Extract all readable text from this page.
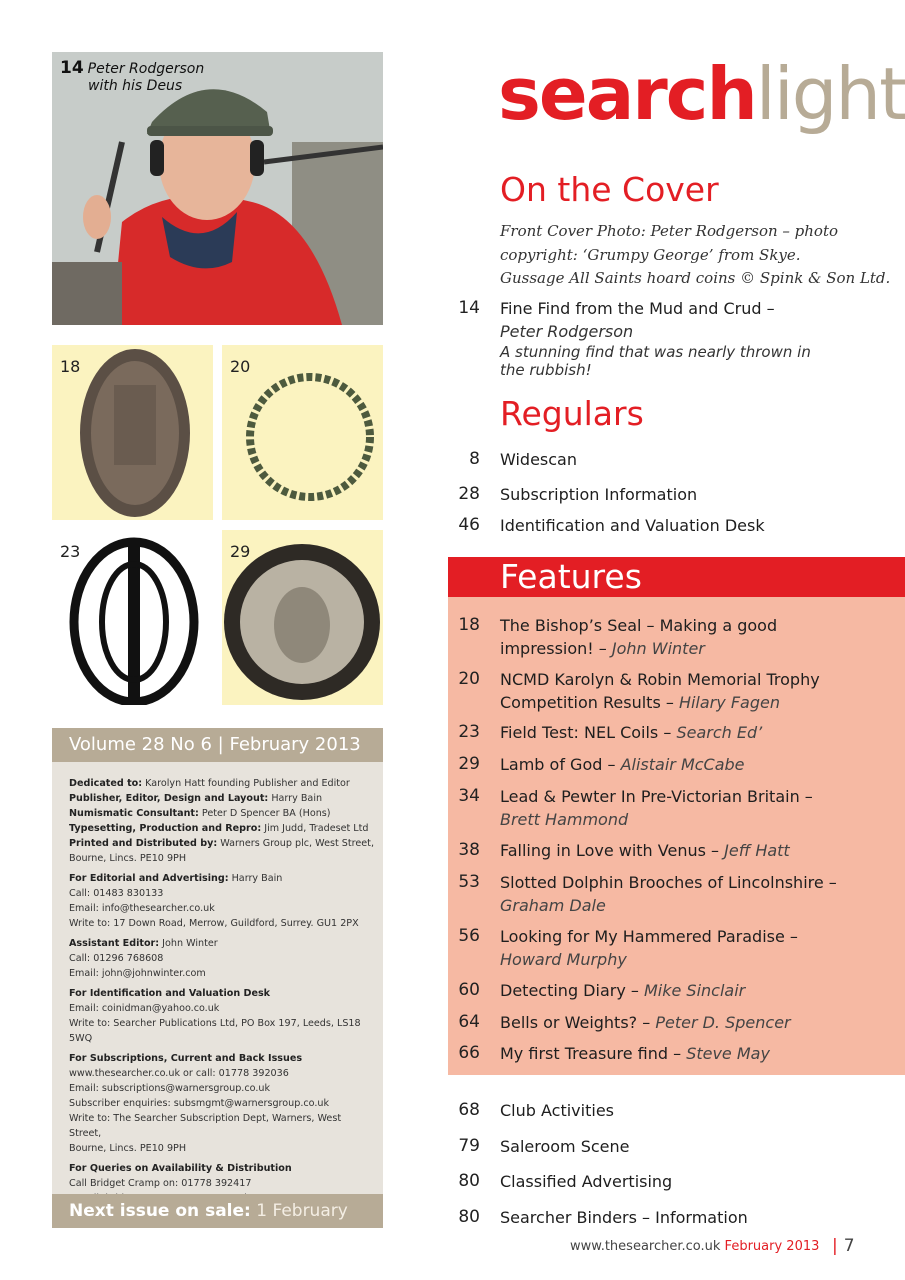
14 Peter Rodgerson
with his Deus
18	20
23	29
Volume 28 No 6 | February 2013
Dedicated to: Karolyn Hatt founding Publisher and Editor
Publisher, Editor, Design and Layout: Harry Bain
Numismatic Consultant: Peter D Spencer BA (Hons)
Typesetting, Production and Repro: Jim Judd, Tradeset Ltd
Printed and Distributed by: Warners Group plc, West Street,
Bourne, Lincs. PE10 9PH
For Editorial and Advertising: Harry Bain
Call: 01483 830133
Email: info@thesearcher.co.uk
Write to: 17 Down Road, Merrow, Guildford, Surrey. GU1 2PX
Assistant Editor: John Winter
Call: 01296 768608
Email: john@johnwinter.com
For Identification and Valuation Desk
Email: coinidman@yahoo.co.uk
Write to: Searcher Publications Ltd, PO Box 197, Leeds, LS18 5WQ
For Subscriptions, Current and Back Issues
www.thesearcher.co.uk or call: 01778 392036
Email: subscriptions@warnersgroup.co.uk
Subscriber enquiries: subsmgmt@warnersgroup.co.uk
Write to: The Searcher Subscription Dept, Warners, West Street,
Bourne, Lincs. PE10 9PH
For Queries on Availability & Distribution
Call Bridget Cramp on: 01778 392417
Next issue on sale: 1 February
searchlight
On the Cover
Front Cover Photo: Peter Rodgerson – photo
copyright: ‘Grumpy George’ from Skye.
Gussage All Saints hoard coins © Spink & Son Ltd.
14 Fine Find from the Mud and Crud –
Peter Rodgerson
A stunning find that was nearly thrown in
the rubbish!
Regulars
8 Widescan
28 Subscription Information
46 Identification and Valuation Desk
Features
18 The Bishop’s Seal – Making a good
impression! – John Winter
20 NCMD Karolyn & Robin Memorial Trophy
Competition Results – Hilary Fagen
23 Field Test: NEL Coils – Search Ed’
29 Lamb of God – Alistair McCabe
34 Lead & Pewter In Pre-Victorian Britain –
Brett Hammond
38 Falling in Love with Venus – Jeff Hatt
53 Slotted Dolphin Brooches of Lincolnshire –
Graham Dale
56 Looking for My Hammered Paradise –
Howard Murphy
60 Detecting Diary – Mike Sinclair
64 Bells or Weights? – Peter D. Spencer
66 My first Treasure find – Steve May
68 Club Activities
79 Saleroom Scene
80 Classified Advertising
80 Searcher Binders – Information
www.thesearcher.co.uk February 2013 | 7
